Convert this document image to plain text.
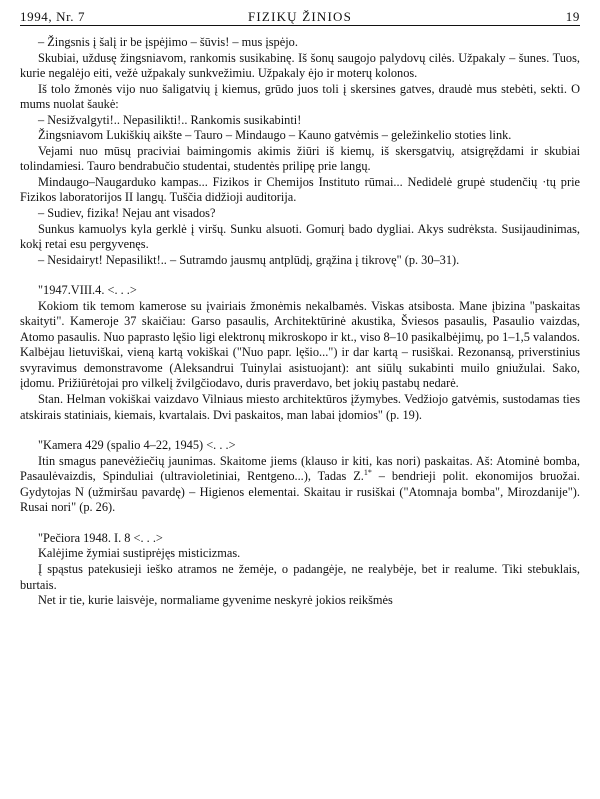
1994, Nr. 7	FIZIKŲ ŽINIOS	19

– Žingsnis į šalį ir be įspėjimo – šūvis! – mus įspėjo.

Skubiai, uždusę žingsniavom, rankomis susikabinę. Iš šonų saugojo palydovų cilės. Užpakaly – šunes. Tuos, kurie negalėjo eiti, vežė užpakaly sunkvežimiu. Užpakaly ėjo ir moterų kolonos.

Iš tolo žmonės vijo nuo šaligatvių į kiemus, grūdo juos toli į skersines gatves, draudė mus stebėti, sekti. O mums nuolat šaukė:

– Nesižvalgyti!.. Nepasilikti!.. Rankomis susikabinti!

Žingsniavom Lukiškių aikšte – Tauro – Mindaugo – Kauno gatvėmis – geležinkelio stoties link.

Vejami nuo mūsų praciviai baimingomis akimis žiūri iš kiemų, iš skersgatvių, atsigręždami ir skubiai tolindamiesi. Tauro bendrabučio studentai, studentės prilipę prie langų.

Mindaugo–Naugarduko kampas... Fizikos ir Chemijos Instituto rūmai... Nedidelė grupė studenčių ·tų prie Fizikos laboratorijos II langų. Tuščia didžioji auditorija.

– Sudiev, fizika! Nejau ant visados?

Sunkus kamuolys kyla gerklė į viršų. Sunku alsuoti. Gomurį bado dygliai. Akys sudrėksta. Susijaudinimas, kokį retai esu pergyvenęs.

– Nesidairyt! Nepasilikt!.. – Sutramdo jausmų antplūdį, grąžina į tikrovę" (p. 30–31).

"1947.VIII.4. <. . .>

Kokiom tik temom kamerose su įvairiais žmonėmis nekalbamės. Viskas atsibosta. Mane įbizina "paskaitas skaityti". Kameroje 37 skaičiau: Garso pasaulis, Architektūrinė akustika, Šviesos pasaulis, Pasaulio vaizdas, Atomo pasaulis. Nuo paprasto lęšio ligi elektronų mikroskopo ir kt., viso 8–10 pasikalbėjimų, po 1–1,5 valandos. Kalbėjau lietuviškai, vieną kartą vokiškai ("Nuo papr. lęšio...") ir dar kartą – rusiškai. Rezonansą, priverstinius svyravimus demonstravome (Aleksandrui Tuinylai asistuojant): ant siūlų sukabinti muilo gniužulai. Sako, įdomu. Prižiūrėtojai pro vilkelį žvilgčiodavo, duris praverdavo, bet jokių pastabų nedarė.

Stan. Helman vokiškai vaizdavo Vilniaus miesto architektūros įžymybes. Vedžiojo gatvėmis, sustodamas ties atskirais statiniais, kiemais, kvartalais. Dvi paskaitos, man labai įdomios" (p. 19).

"Kamera 429 (spalio 4–22, 1945) <. . .>

Itin smagus panevėžiečių jaunimas. Skaitome jiems (klauso ir kiti, kas nori) paskaitas. Aš: Atominė bomba, Pasaulėvaizdis, Spinduliai (ultravioletiniai, Rentgeno...), Tadas Z.$^{1*}$ – bendrieji polit. ekonomijos bruožai. Gydytojas N (užmiršau pavardę) – Higienos elementai. Skaitau ir rusiškai ("Atomnaja bomba", Mirozdanije"). Rusai nori" (p. 26).

"Pečiora 1948. I. 8 <. . .>

Kalėjime žymiai sustiprėjęs misticizmas.

Į spąstus patekusieji ieško atramos ne žemėje, o padangėje, ne realybėje, bet ir realume. Tiki stebuklais, burtais.

Net ir tie, kurie laisvėje, normaliame gyvenime neskyrė jokios reikšmės
